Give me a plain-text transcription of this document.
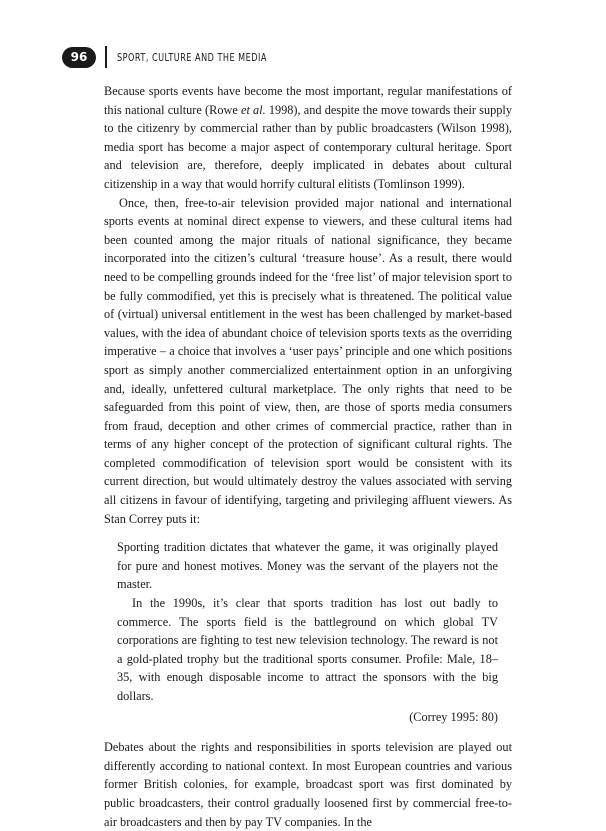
96	SPORT, CULTURE AND THE MEDIA

Because sports events have become the most important, regular manifestations of this national culture (Rowe et al. 1998), and despite the move towards their supply to the citizenry by commercial rather than by public broadcasters (Wilson 1998), media sport has become a major aspect of contemporary cultural heritage. Sport and television are, therefore, deeply implicated in debates about cultural citizenship in a way that would horrify cultural elitists (Tomlinson 1999).

Once, then, free-to-air television provided major national and international sports events at nominal direct expense to viewers, and these cultural items had been counted among the major rituals of national significance, they became incorporated into the citizen’s cultural ‘treasure house’. As a result, there would need to be compelling grounds indeed for the ‘free list’ of major television sport to be fully commodified, yet this is precisely what is threatened. The political value of (virtual) universal entitlement in the west has been challenged by market-based values, with the idea of abundant choice of television sports texts as the overriding imperative – a choice that involves a ‘user pays’ principle and one which positions sport as simply another commercialized entertainment option in an unforgiving and, ideally, unfettered cultural marketplace. The only rights that need to be safeguarded from this point of view, then, are those of sports media consumers from fraud, deception and other crimes of commercial practice, rather than in terms of any higher concept of the protection of significant cultural rights. The completed commodification of television sport would be consistent with its current direction, but would ultimately destroy the values associated with serving all citizens in favour of identifying, targeting and privileging affluent viewers. As Stan Correy puts it:

Sporting tradition dictates that whatever the game, it was originally played for pure and honest motives. Money was the servant of the players not the master.

In the 1990s, it’s clear that sports tradition has lost out badly to commerce. The sports field is the battleground on which global TV corporations are fighting to test new television technology. The reward is not a gold-plated trophy but the traditional sports consumer. Profile: Male, 18–35, with enough disposable income to attract the sponsors with the big dollars.

(Correy 1995: 80)

Debates about the rights and responsibilities in sports television are played out differently according to national context. In most European countries and various former British colonies, for example, broadcast sport was first dominated by public broadcasters, their control gradually loosened first by commercial free-to-air broadcasters and then by pay TV companies. In the
